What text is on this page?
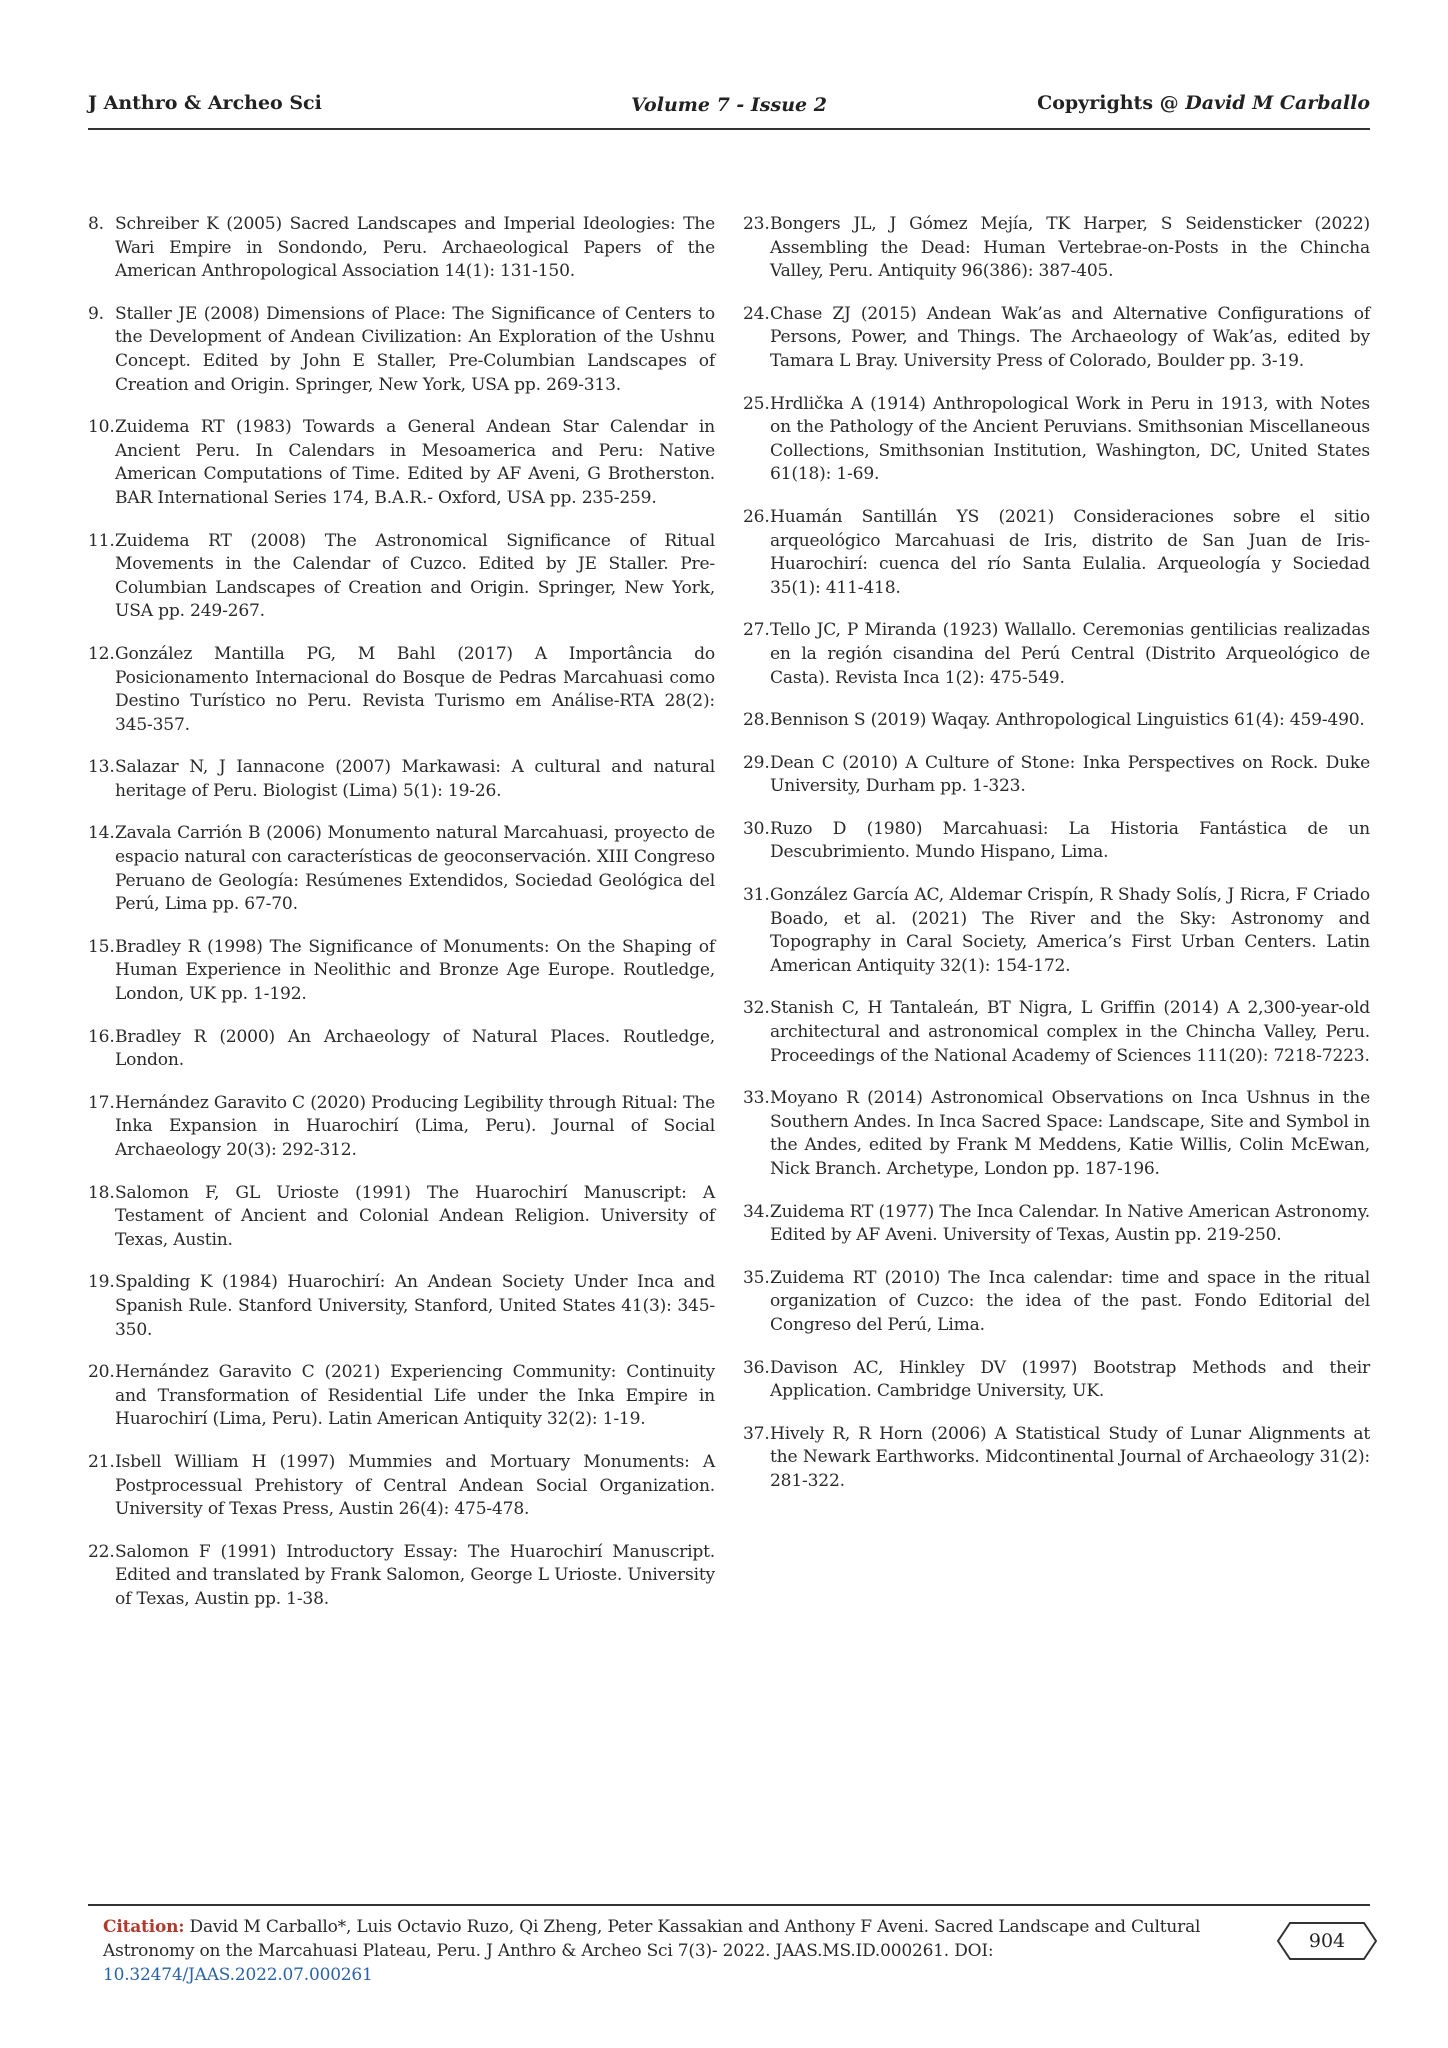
J Anthro & Archeo Sci	Volume 7 - Issue 2	Copyrights @ David M Carballo
8. Schreiber K (2005) Sacred Landscapes and Imperial Ideologies: The Wari Empire in Sondondo, Peru. Archaeological Papers of the American Anthropological Association 14(1): 131-150.
9. Staller JE (2008) Dimensions of Place: The Significance of Centers to the Development of Andean Civilization: An Exploration of the Ushnu Concept. Edited by John E Staller, Pre-Columbian Landscapes of Creation and Origin. Springer, New York, USA pp. 269-313.
10. Zuidema RT (1983) Towards a General Andean Star Calendar in Ancient Peru. In Calendars in Mesoamerica and Peru: Native American Computations of Time. Edited by AF Aveni, G Brotherston. BAR International Series 174, B.A.R.- Oxford, USA pp. 235-259.
11. Zuidema RT (2008) The Astronomical Significance of Ritual Movements in the Calendar of Cuzco. Edited by JE Staller. Pre-Columbian Landscapes of Creation and Origin. Springer, New York, USA pp. 249-267.
12. González Mantilla PG, M Bahl (2017) A Importância do Posicionamento Internacional do Bosque de Pedras Marcahuasi como Destino Turístico no Peru. Revista Turismo em Análise-RTA 28(2): 345-357.
13. Salazar N, J Iannacone (2007) Markawasi: A cultural and natural heritage of Peru. Biologist (Lima) 5(1): 19-26.
14. Zavala Carrión B (2006) Monumento natural Marcahuasi, proyecto de espacio natural con características de geoconservación. XIII Congreso Peruano de Geología: Resúmenes Extendidos, Sociedad Geológica del Perú, Lima pp. 67-70.
15. Bradley R (1998) The Significance of Monuments: On the Shaping of Human Experience in Neolithic and Bronze Age Europe. Routledge, London, UK pp. 1-192.
16. Bradley R (2000) An Archaeology of Natural Places. Routledge, London.
17. Hernández Garavito C (2020) Producing Legibility through Ritual: The Inka Expansion in Huarochirı́ (Lima, Peru). Journal of Social Archaeology 20(3): 292-312.
18. Salomon F, GL Urioste (1991) The Huarochirí Manuscript: A Testament of Ancient and Colonial Andean Religion. University of Texas, Austin.
19. Spalding K (1984) Huarochirí: An Andean Society Under Inca and Spanish Rule. Stanford University, Stanford, United States 41(3): 345-350.
20. Hernández Garavito C (2021) Experiencing Community: Continuity and Transformation of Residential Life under the Inka Empire in Huarochirí (Lima, Peru). Latin American Antiquity 32(2): 1-19.
21. Isbell William H (1997) Mummies and Mortuary Monuments: A Postprocessual Prehistory of Central Andean Social Organization. University of Texas Press, Austin 26(4): 475-478.
22. Salomon F (1991) Introductory Essay: The Huarochirí Manuscript. Edited and translated by Frank Salomon, George L Urioste. University of Texas, Austin pp. 1-38.
23. Bongers JL, J Gómez Mejía, TK Harper, S Seidensticker (2022) Assembling the Dead: Human Vertebrae-on-Posts in the Chincha Valley, Peru. Antiquity 96(386): 387-405.
24. Chase ZJ (2015) Andean Wak’as and Alternative Configurations of Persons, Power, and Things. The Archaeology of Wak’as, edited by Tamara L Bray. University Press of Colorado, Boulder pp. 3-19.
25. Hrdlička A (1914) Anthropological Work in Peru in 1913, with Notes on the Pathology of the Ancient Peruvians. Smithsonian Miscellaneous Collections, Smithsonian Institution, Washington, DC, United States 61(18): 1-69.
26. Huamán Santillán YS (2021) Consideraciones sobre el sitio arqueológico Marcahuasi de Iris, distrito de San Juan de Iris-Huarochirí: cuenca del río Santa Eulalia. Arqueología y Sociedad 35(1): 411-418.
27. Tello JC, P Miranda (1923) Wallallo. Ceremonias gentilicias realizadas en la región cisandina del Perú Central (Distrito Arqueológico de Casta). Revista Inca 1(2): 475-549.
28. Bennison S (2019) Waqay. Anthropological Linguistics 61(4): 459-490.
29. Dean C (2010) A Culture of Stone: Inka Perspectives on Rock. Duke University, Durham pp. 1-323.
30. Ruzo D (1980) Marcahuasi: La Historia Fantástica de un Descubrimiento. Mundo Hispano, Lima.
31. González García AC, Aldemar Crispín, R Shady Solís, J Ricra, F Criado Boado, et al. (2021) The River and the Sky: Astronomy and Topography in Caral Society, America’s First Urban Centers. Latin American Antiquity 32(1): 154-172.
32. Stanish C, H Tantaleán, BT Nigra, L Griffin (2014) A 2,300-year-old architectural and astronomical complex in the Chincha Valley, Peru. Proceedings of the National Academy of Sciences 111(20): 7218-7223.
33. Moyano R (2014) Astronomical Observations on Inca Ushnus in the Southern Andes. In Inca Sacred Space: Landscape, Site and Symbol in the Andes, edited by Frank M Meddens, Katie Willis, Colin McEwan, Nick Branch. Archetype, London pp. 187-196.
34. Zuidema RT (1977) The Inca Calendar. In Native American Astronomy. Edited by AF Aveni. University of Texas, Austin pp. 219-250.
35. Zuidema RT (2010) The Inca calendar: time and space in the ritual organization of Cuzco: the idea of the past. Fondo Editorial del Congreso del Perú, Lima.
36. Davison AC, Hinkley DV (1997) Bootstrap Methods and their Application. Cambridge University, UK.
37. Hively R, R Horn (2006) A Statistical Study of Lunar Alignments at the Newark Earthworks. Midcontinental Journal of Archaeology 31(2): 281-322.
Citation: David M Carballo*, Luis Octavio Ruzo, Qi Zheng, Peter Kassakian and Anthony F Aveni. Sacred Landscape and Cultural Astronomy on the Marcahuasi Plateau, Peru. J Anthro & Archeo Sci 7(3)- 2022. JAAS.MS.ID.000261. DOI: 10.32474/JAAS.2022.07.000261
904
